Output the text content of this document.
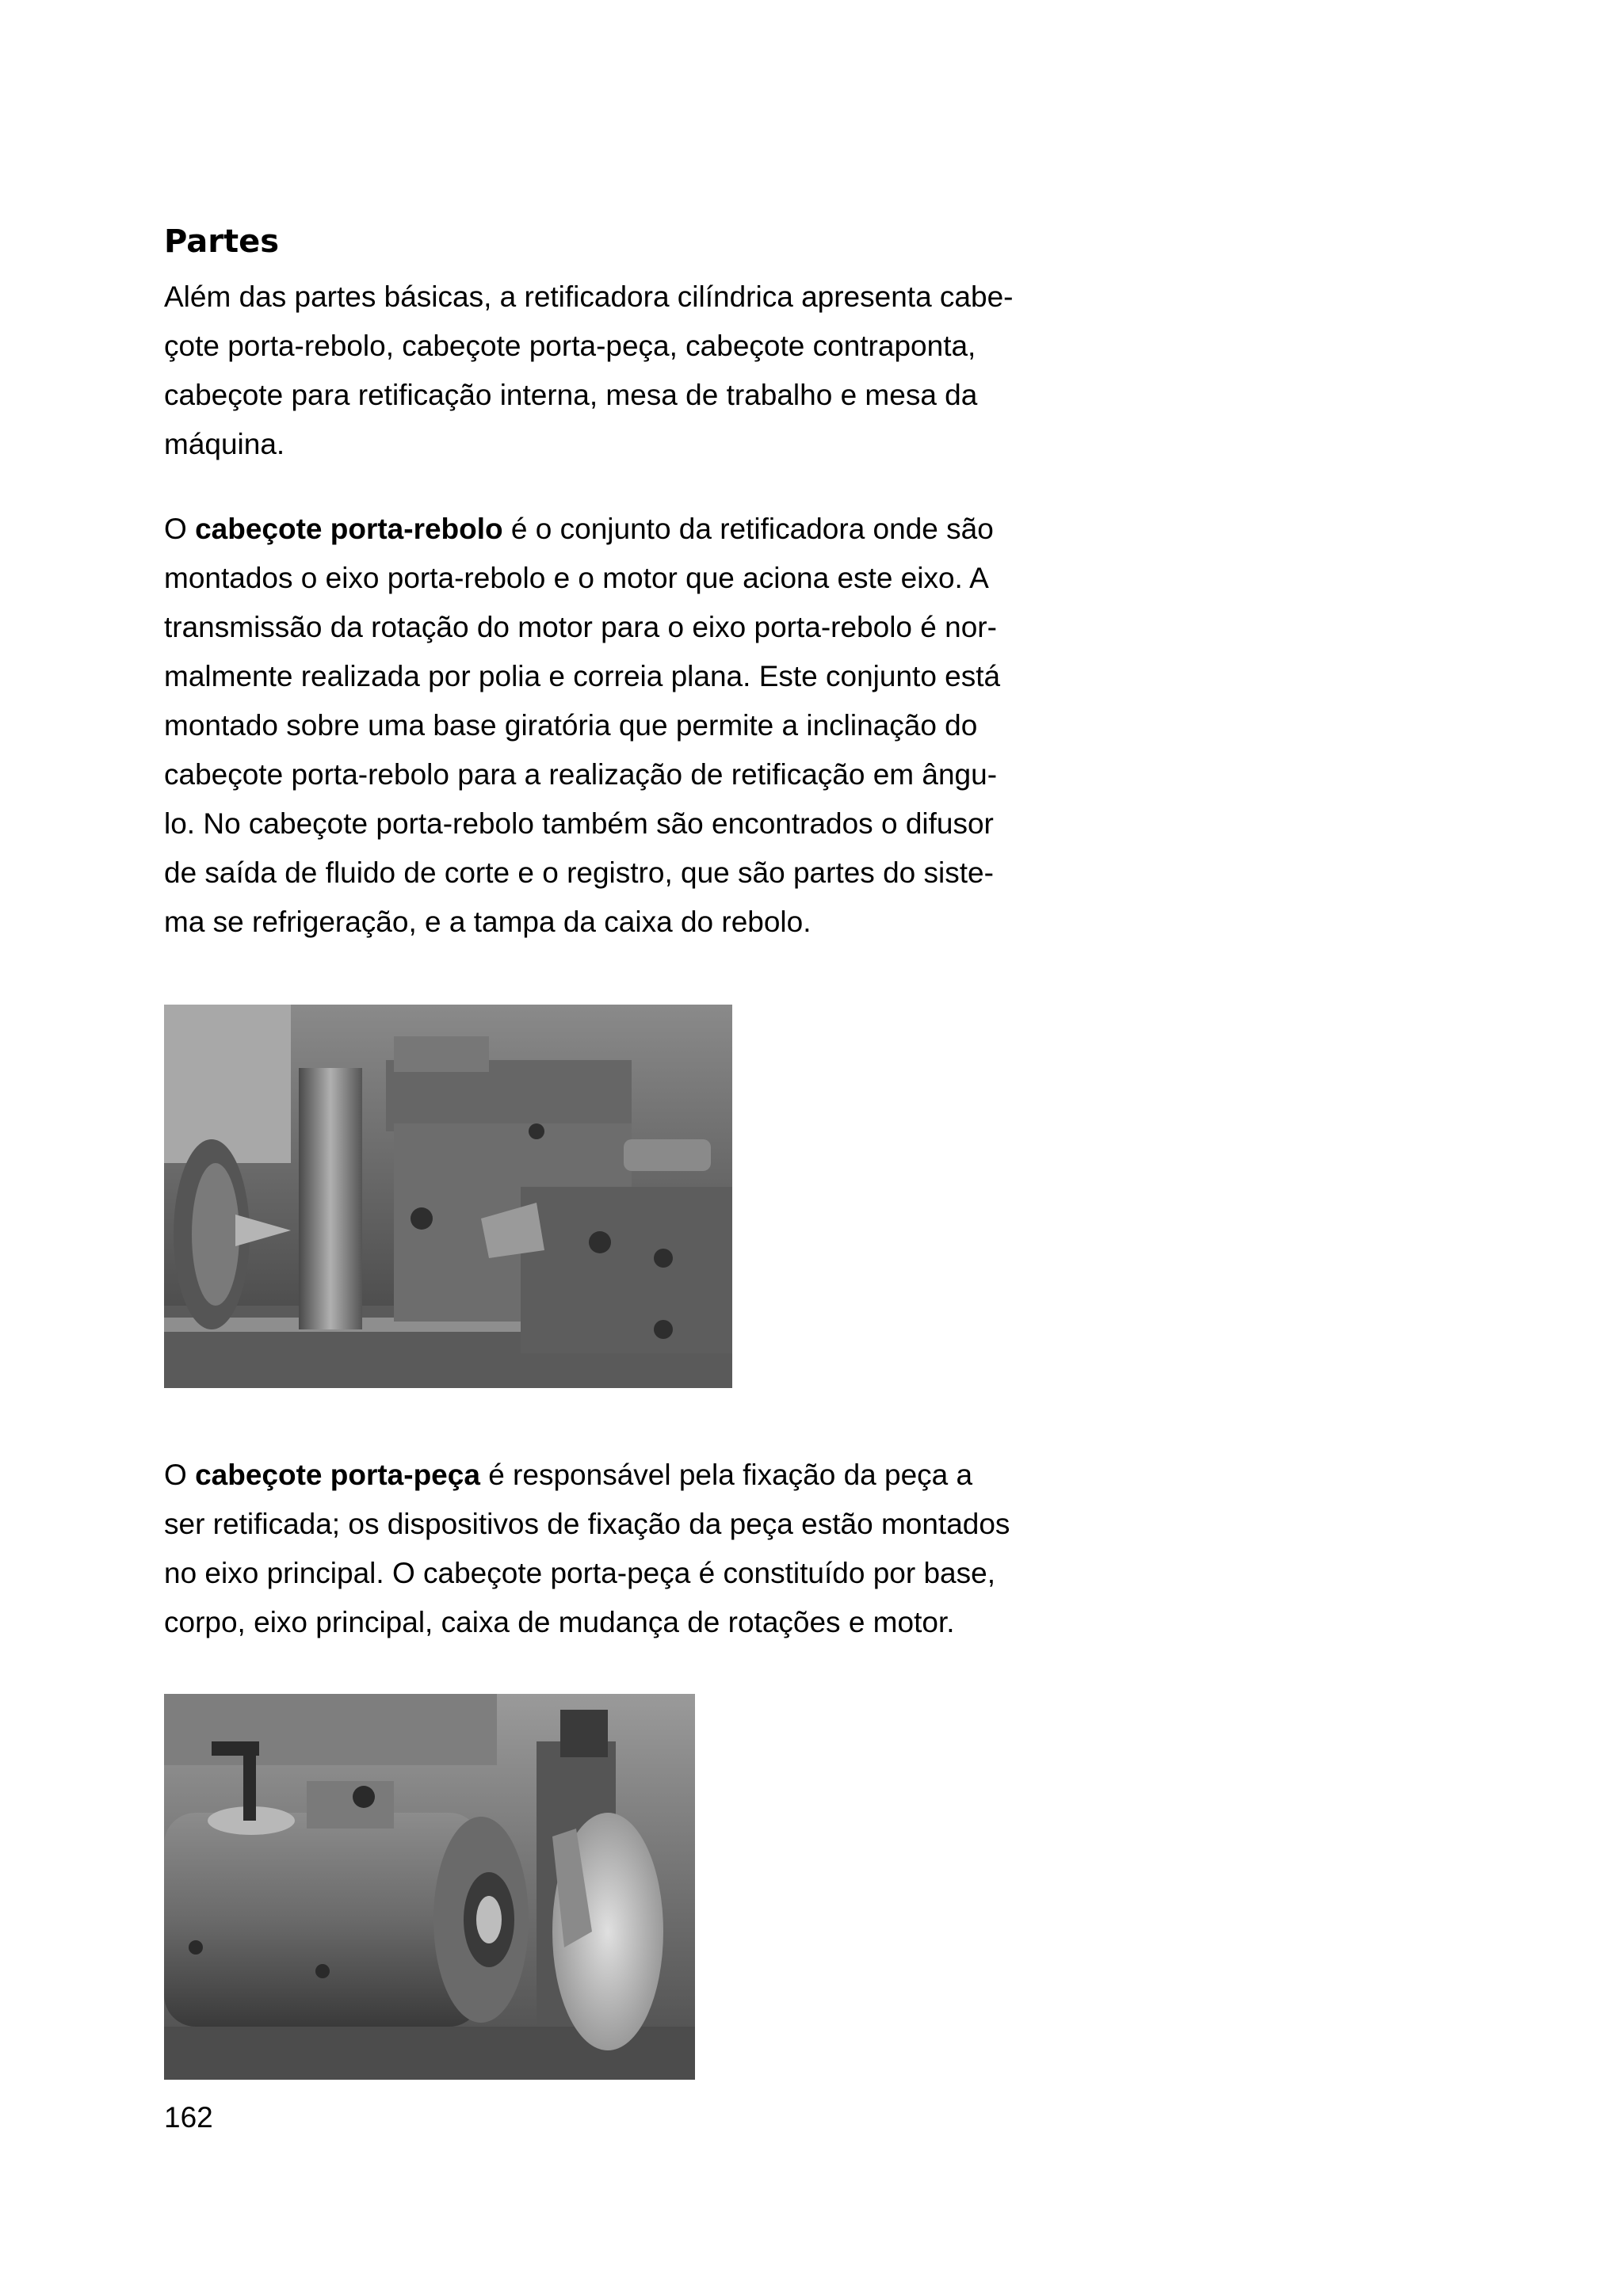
Partes

Além das partes básicas, a retificadora cilíndrica apresenta cabe-
çote porta-rebolo, cabeçote porta-peça, cabeçote contraponta,
cabeçote para retificação interna, mesa de trabalho e mesa da
máquina.

O cabeçote porta-rebolo é o conjunto da retificadora onde são
montados o eixo porta-rebolo e o motor que aciona este eixo. A
transmissão da rotação do motor para o eixo porta-rebolo é nor-
malmente realizada por polia e correia plana. Este conjunto está
montado sobre uma base giratória que permite a inclinação do
cabeçote porta-rebolo para a realização de retificação em ângu-
lo. No cabeçote porta-rebolo também são encontrados o difusor
de saída de fluido de corte e o registro, que são partes do siste-
ma se refrigeração, e a tampa da caixa do rebolo.

O cabeçote porta-peça é responsável pela fixação da peça a
ser retificada; os dispositivos de fixação da peça estão montados
no eixo principal. O cabeçote porta-peça é constituído por base,
corpo, eixo principal, caixa de mudança de rotações e motor.

162
